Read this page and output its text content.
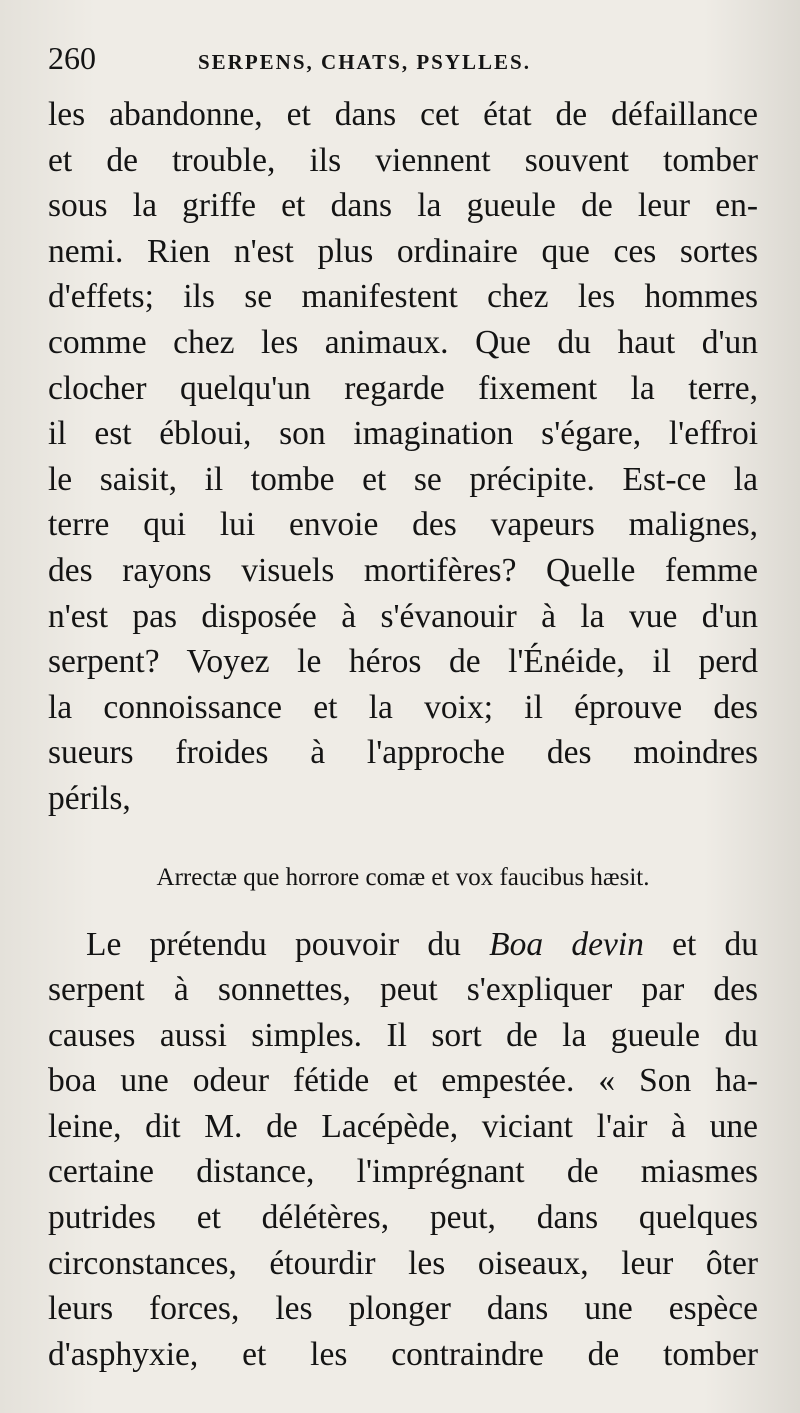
260	SERPENS, CHATS, PSYLLES.

les abandonne, et dans cet état de défaillance
et de trouble, ils viennent souvent tomber
sous la griffe et dans la gueule de leur en-
nemi. Rien n'est plus ordinaire que ces sortes
d'effets; ils se manifestent chez les hommes
comme chez les animaux. Que du haut d'un
clocher quelqu'un regarde fixement la terre,
il est ébloui, son imagination s'égare, l'effroi
le saisit, il tombe et se précipite. Est-ce la
terre qui lui envoie des vapeurs malignes,
des rayons visuels mortifères? Quelle femme
n'est pas disposée à s'évanouir à la vue d'un
serpent? Voyez le héros de l'Énéide, il perd
la connoissance et la voix; il éprouve des
sueurs froides à l'approche des moindres
périls,

Arrectæ que horrore comæ et vox faucibus hæsit.

Le prétendu pouvoir du Boa devin et du
serpent à sonnettes, peut s'expliquer par des
causes aussi simples. Il sort de la gueule du
boa une odeur fétide et empestée. « Son ha-
leine, dit M. de Lacépède, viciant l'air à une
certaine distance, l'imprégnant de miasmes
putrides et délétères, peut, dans quelques
circonstances, étourdir les oiseaux, leur ôter
leurs forces, les plonger dans une espèce
d'asphyxie, et les contraindre de tomber
